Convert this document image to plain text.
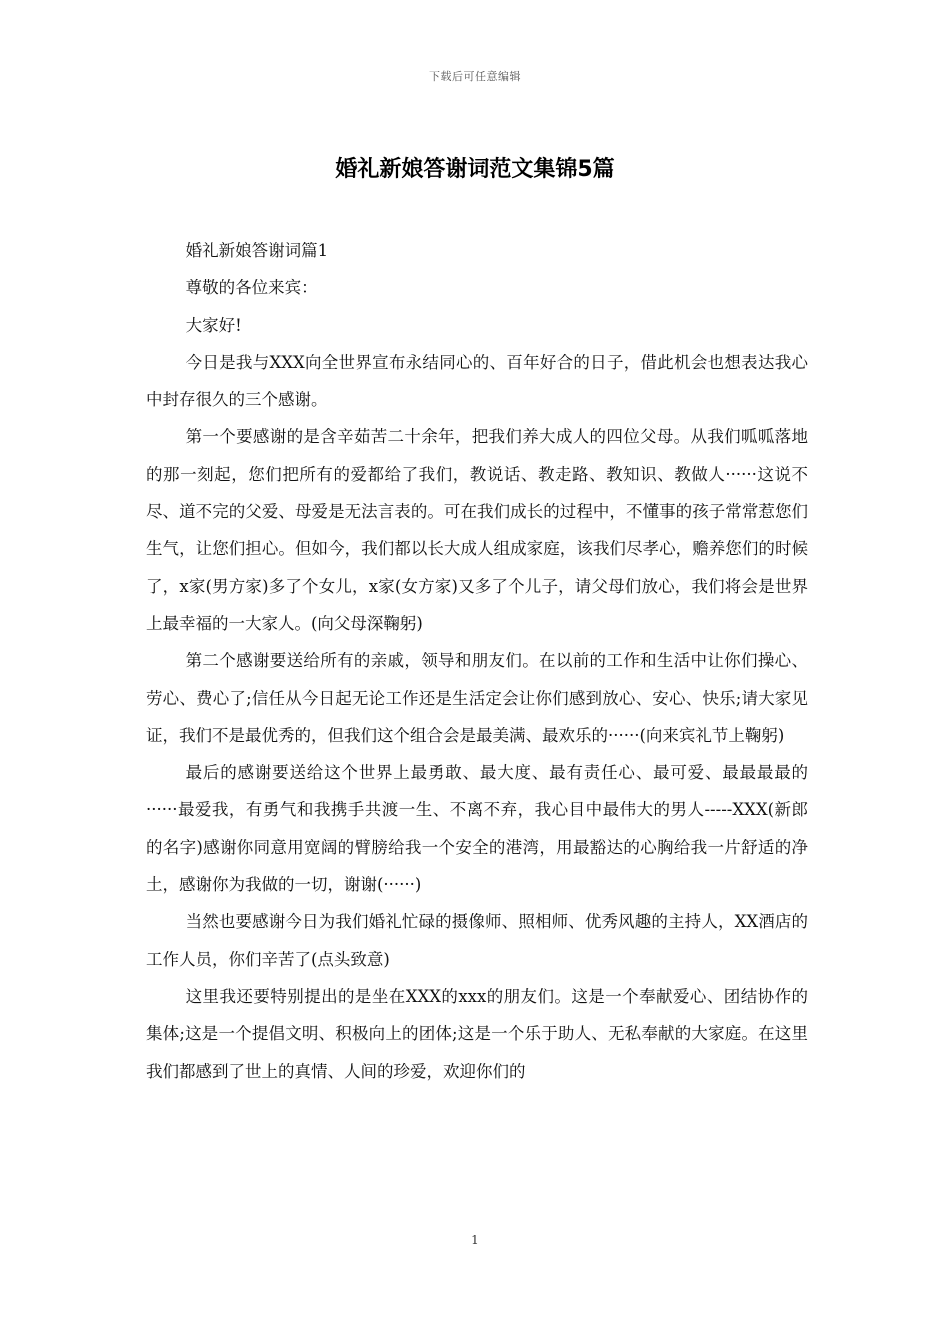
下载后可任意编辑
婚礼新娘答谢词范文集锦5篇

婚礼新娘答谢词篇1

尊敬的各位来宾：

大家好!

今日是我与XXX向全世界宣布永结同心的、百年好合的日子，借此机会也想表达我心中封存很久的三个感谢。

第一个要感谢的是含辛茹苦二十余年，把我们养大成人的四位父母。从我们呱呱落地的那一刻起，您们把所有的爱都给了我们，教说话、教走路、教知识、教做人······这说不尽、道不完的父爱、母爱是无法言表的。可在我们成长的过程中，不懂事的孩子常常惹您们生气，让您们担心。但如今，我们都以长大成人组成家庭，该我们尽孝心，赡养您们的时候了，x家(男方家)多了个女儿，x家(女方家)又多了个儿子，请父母们放心，我们将会是世界上最幸福的一大家人。(向父母深鞠躬)

第二个感谢要送给所有的亲戚，领导和朋友们。在以前的工作和生活中让你们操心、劳心、费心了;信任从今日起无论工作还是生活定会让你们感到放心、安心、快乐;请大家见证，我们不是最优秀的，但我们这个组合会是最美满、最欢乐的······(向来宾礼节上鞠躬)

最后的感谢要送给这个世界上最勇敢、最大度、最有责任心、最可爱、最最最最的······最爱我，有勇气和我携手共渡一生、不离不弃，我心目中最伟大的男人-----XXX(新郎的名字)感谢你同意用宽阔的臂膀给我一个安全的港湾，用最豁达的心胸给我一片舒适的净土，感谢你为我做的一切，谢谢(······)

当然也要感谢今日为我们婚礼忙碌的摄像师、照相师、优秀风趣的主持人，XX酒店的工作人员，你们辛苦了(点头致意)

这里我还要特别提出的是坐在XXX的xxx的朋友们。这是一个奉献爱心、团结协作的集体;这是一个提倡文明、积极向上的团体;这是一个乐于助人、无私奉献的大家庭。在这里我们都感到了世上的真情、人间的珍爱，欢迎你们的

1
